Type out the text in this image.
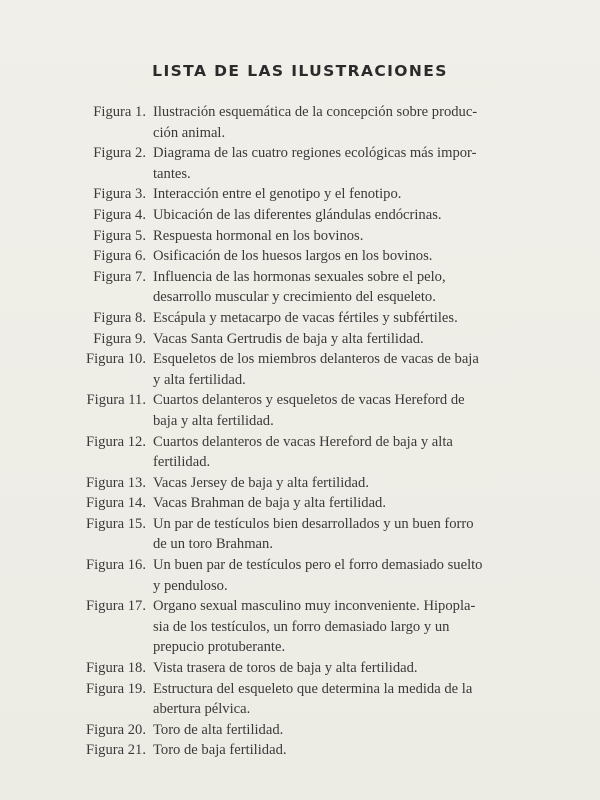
LISTA DE LAS ILUSTRACIONES
Figura 1. Ilustración esquemática de la concepción sobre produc-
ción animal.
Figura 2. Diagrama de las cuatro regiones ecológicas más impor-
tantes.
Figura 3. Interacción entre el genotipo y el fenotipo.
Figura 4. Ubicación de las diferentes glándulas endócrinas.
Figura 5. Respuesta hormonal en los bovinos.
Figura 6. Osificación de los huesos largos en los bovinos.
Figura 7. Influencia de las hormonas sexuales sobre el pelo,
desarrollo muscular y crecimiento del esqueleto.
Figura 8. Escápula y metacarpo de vacas fértiles y subfértiles.
Figura 9. Vacas Santa Gertrudis de baja y alta fertilidad.
Figura 10. Esqueletos de los miembros delanteros de vacas de baja
y alta fertilidad.
Figura 11. Cuartos delanteros y esqueletos de vacas Hereford de
baja y alta fertilidad.
Figura 12. Cuartos delanteros de vacas Hereford de baja y alta
fertilidad.
Figura 13. Vacas Jersey de baja y alta fertilidad.
Figura 14. Vacas Brahman de baja y alta fertilidad.
Figura 15. Un par de testículos bien desarrollados y un buen forro
de un toro Brahman.
Figura 16. Un buen par de testículos pero el forro demasiado suelto
y penduloso.
Figura 17. Organo sexual masculino muy inconveniente. Hipopla-
sia de los testículos, un forro demasiado largo y un
prepucio protuberante.
Figura 18. Vista trasera de toros de baja y alta fertilidad.
Figura 19. Estructura del esqueleto que determina la medida de la
abertura pélvica.
Figura 20. Toro de alta fertilidad.
Figura 21. Toro de baja fertilidad.
